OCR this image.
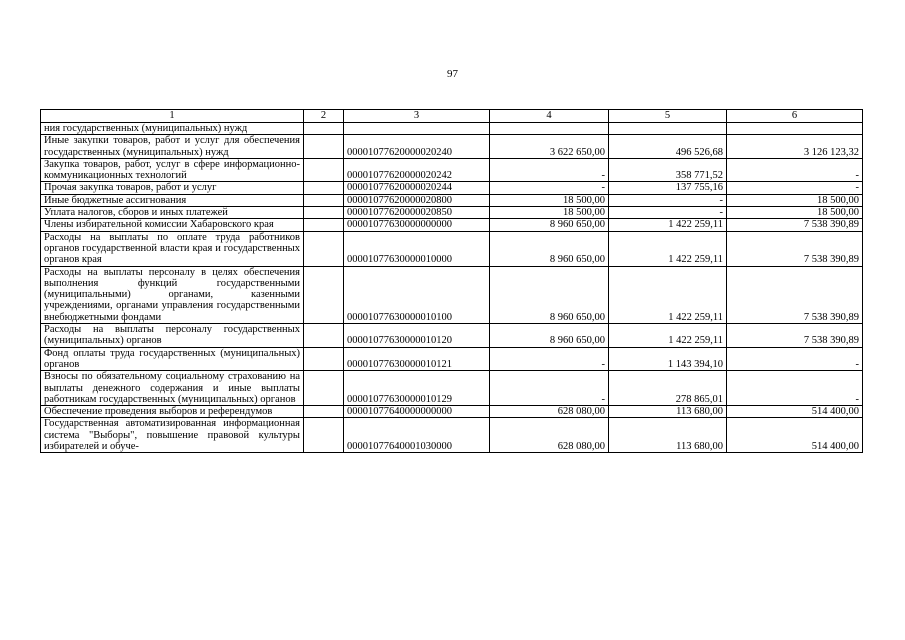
97
1	2	3	4	5	6
ния государственных (муниципальных) нужд					
Иные закупки товаров, работ и услуг для обеспечения государственных (муниципальных) нужд		00001077620000020240	3 622 650,00	496 526,68	3 126 123,32
Закупка товаров, работ, услуг в сфере информационно-коммуникационных технологий		00001077620000020242	-	358 771,52	-
Прочая закупка товаров, работ и услуг		00001077620000020244	-	137 755,16	-
Иные бюджетные ассигнования		00001077620000020800	18 500,00	-	18 500,00
Уплата налогов, сборов и иных платежей		00001077620000020850	18 500,00	-	18 500,00
Члены избирательной комиссии Хабаровского края		00001077630000000000	8 960 650,00	1 422 259,11	7 538 390,89
Расходы на выплаты по оплате труда работников органов государственной власти края и государственных органов края		00001077630000010000	8 960 650,00	1 422 259,11	7 538 390,89
Расходы на выплаты персоналу в целях обеспечения выполнения функций государственными (муниципальными) органами, казенными учреждениями, органами управления государственными внебюджетными фондами		00001077630000010100	8 960 650,00	1 422 259,11	7 538 390,89
Расходы на выплаты персоналу государственных (муниципальных) органов		00001077630000010120	8 960 650,00	1 422 259,11	7 538 390,89
Фонд оплаты труда государственных (муниципальных) органов		00001077630000010121	-	1 143 394,10	-
Взносы по обязательному социальному страхованию на выплаты денежного содержания и иные выплаты работникам государственных (муниципальных) органов		00001077630000010129	-	278 865,01	-
Обеспечение проведения выборов и референдумов		00001077640000000000	628 080,00	113 680,00	514 400,00
Государственная автоматизированная информационная система "Выборы", повышение правовой культуры избирателей и обуче-		00001077640001030000	628 080,00	113 680,00	514 400,00
